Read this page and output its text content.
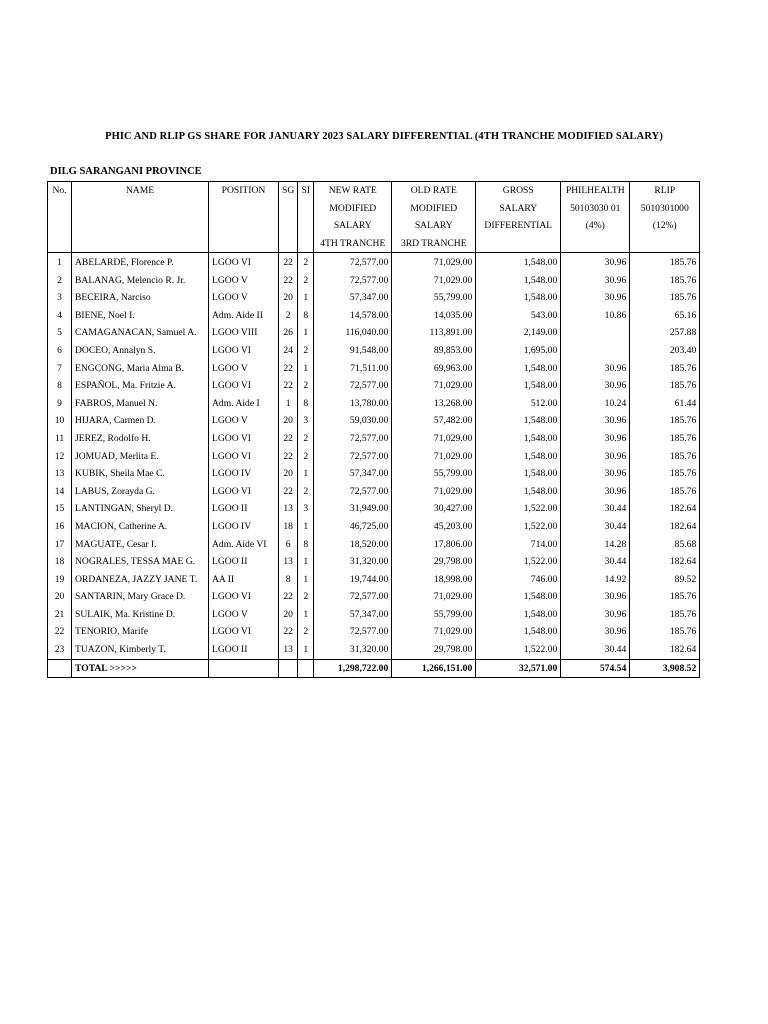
PHIC AND RLIP GS SHARE FOR JANUARY 2023 SALARY DIFFERENTIAL (4TH TRANCHE MODIFIED SALARY)
DILG SARANGANI PROVINCE
No.	NAME	POSITION	SG	SI	NEW RATE
MODIFIED
SALARY
4TH TRANCHE	OLD RATE
MODIFIED
SALARY
3RD TRANCHE	GROSS
SALARY
DIFFERENTIAL	PHILHEALTH
50103030 01
(4%)	RLIP
5010301000
(12%)

1	ABELARDE, Florence P.	LGOO VI	22	2	72,577.00	71,029.00	1,548.00	30.96	185.76
2	BALANAG, Melencio R. Jr.	LGOO V	22	2	72,577.00	71,029.00	1,548.00	30.96	185.76
3	BECEIRA, Narciso	LGOO V	20	1	57,347.00	55,799.00	1,548.00	30.96	185.76
4	BIENE, Noel I.	Adm. Aide II	2	8	14,578.00	14,035.00	543.00	10.86	65.16
5	CAMAGANACAN, Samuel A.	LGOO VIII	26	1	116,040.00	113,891.00	2,149.00		257.88
6	DOCEO, Annalyn S.	LGOO VI	24	2	91,548.00	89,853.00	1,695.00		203.40
7	ENGCONG, Maria Alma B.	LGOO V	22	1	71,511.00	69,963.00	1,548.00	30.96	185.76
8	ESPAÑOL, Ma. Fritzie A.	LGOO VI	22	2	72,577.00	71,029.00	1,548.00	30.96	185.76
9	FABROS, Manuel N.	Adm. Aide I	1	8	13,780.00	13,268.00	512.00	10.24	61.44
10	HIJARA, Carmen D.	LGOO V	20	3	59,030.00	57,482.00	1,548.00	30.96	185.76
11	JEREZ, Rodolfo H.	LGOO VI	22	2	72,577.00	71,029.00	1,548.00	30.96	185.76
12	JOMUAD, Merlita E.	LGOO VI	22	2	72,577.00	71,029.00	1,548.00	30.96	185.76
13	KUBIK, Sheila Mae C.	LGOO IV	20	1	57,347.00	55,799.00	1,548.00	30.96	185.76
14	LABUS, Zorayda G.	LGOO VI	22	2	72,577.00	71,029.00	1,548.00	30.96	185.76
15	LANTINGAN, Sheryl D.	LGOO II	13	3	31,949.00	30,427.00	1,522.00	30.44	182.64
16	MACION, Catherine A.	LGOO IV	18	1	46,725.00	45,203.00	1,522.00	30.44	182.64
17	MAGUATE, Cesar I.	Adm. Aide VI	6	8	18,520.00	17,806.00	714.00	14.28	85.68
18	NOGRALES, TESSA MAE G.	LGOO II	13	1	31,320.00	29,798.00	1,522.00	30.44	182.64
19	ORDANEZA, JAZZY JANE T.	AA II	8	1	19,744.00	18,998.00	746.00	14.92	89.52
20	SANTARIN, Mary Grace D.	LGOO VI	22	2	72,577.00	71,029.00	1,548.00	30.96	185.76
21	SULAIK, Ma. Kristine D.	LGOO V	20	1	57,347.00	55,799.00	1,548.00	30.96	185.76
22	TENORIO, Marife	LGOO VI	22	2	72,577.00	71,029.00	1,548.00	30.96	185.76
23	TUAZON, Kimberly T.	LGOO II	13	1	31,320.00	29,798.00	1,522.00	30.44	182.64
	TOTAL >>>>>				1,298,722.00	1,266,151.00	32,571.00	574.54	3,908.52
